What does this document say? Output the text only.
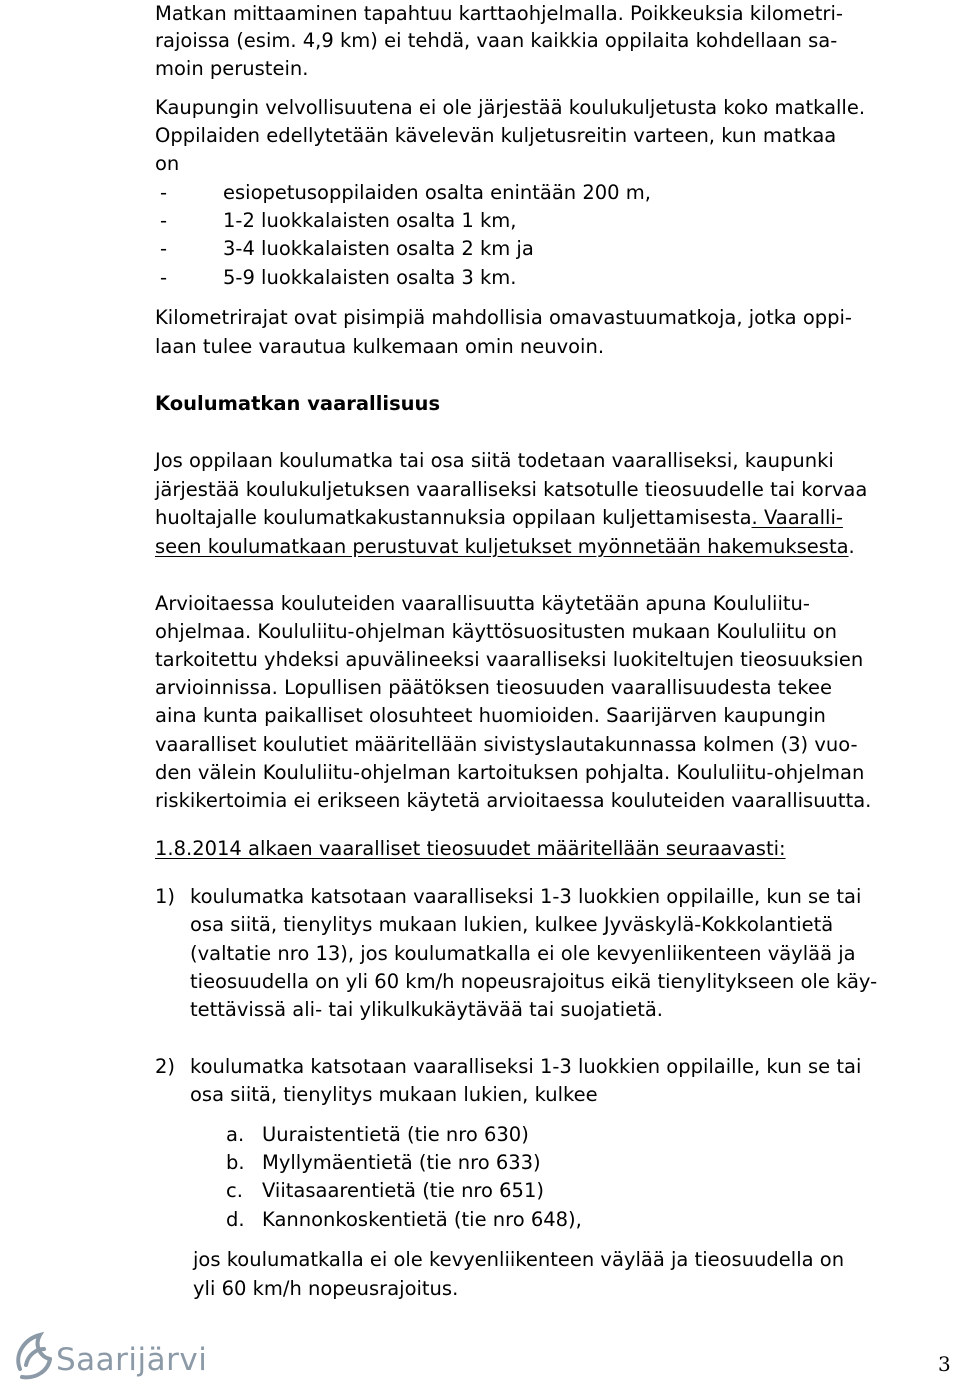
Matkan mittaaminen tapahtuu karttaohjelmalla. Poikkeuksia kilometri-
rajoissa (esim. 4,9 km) ei tehdä, vaan kaikkia oppilaita kohdellaan sa-
moin perustein.
Kaupungin velvollisuutena ei ole järjestää koulukuljetusta koko matkalle.
Oppilaiden edellytetään kävelevän kuljetusreitin varteen, kun matkaa
on
-	esiopetusoppilaiden osalta enintään 200 m,
-	1-2 luokkalaisten osalta 1 km,
-	3-4 luokkalaisten osalta 2 km ja
-	5-9 luokkalaisten osalta 3 km.
Kilometrirajat ovat pisimpiä mahdollisia omavastuumatkoja, jotka oppi-
laan tulee varautua kulkemaan omin neuvoin.
Koulumatkan vaarallisuus
Jos oppilaan koulumatka tai osa siitä todetaan vaaralliseksi, kaupunki
järjestää koulukuljetuksen vaaralliseksi katsotulle tieosuudelle tai korvaa
huoltajalle koulumatkakustannuksia oppilaan kuljettamisesta. Vaaralli-
seen koulumatkaan perustuvat kuljetukset myönnetään hakemuksesta.
Arvioitaessa kouluteiden vaarallisuutta käytetään apuna Koululiitu-
ohjelmaa. Koululiitu-ohjelman käyttösuositusten mukaan Koululiitu on
tarkoitettu yhdeksi apuvälineeksi vaaralliseksi luokiteltujen tieosuuksien
arvioinnissa. Lopullisen päätöksen tieosuuden vaarallisuudesta tekee
aina kunta paikalliset olosuhteet huomioiden. Saarijärven kaupungin
vaaralliset koulutiet määritellään sivistyslautakunnassa kolmen (3) vuo-
den välein Koululiitu-ohjelman kartoituksen pohjalta. Koululiitu-ohjelman
riskikertoimia ei erikseen käytetä arvioitaessa kouluteiden vaarallisuutta.
1.8.2014 alkaen vaaralliset tieosuudet määritellään seuraavasti:
1) koulumatka katsotaan vaaralliseksi 1-3 luokkien oppilaille, kun se tai
osa siitä, tienylitys mukaan lukien, kulkee Jyväskylä-Kokkolantietä
(valtatie nro 13), jos koulumatkalla ei ole kevyenliikenteen väylää ja
tieosuudella on yli 60 km/h nopeusrajoitus eikä tienylitykseen ole käy-
tettävissä ali- tai ylikulkukäytävää tai suojatietä.
2) koulumatka katsotaan vaaralliseksi 1-3 luokkien oppilaille, kun se tai
osa siitä, tienylitys mukaan lukien, kulkee
a. Uuraistentietä (tie nro 630)
b. Myllymäentietä (tie nro 633)
c. Viitasaarentietä (tie nro 651)
d. Kannonkoskentietä (tie nro 648),
jos koulumatkalla ei ole kevyenliikenteen väylää ja tieosuudella on
yli 60 km/h nopeusrajoitus.
Saarijärvi	3
